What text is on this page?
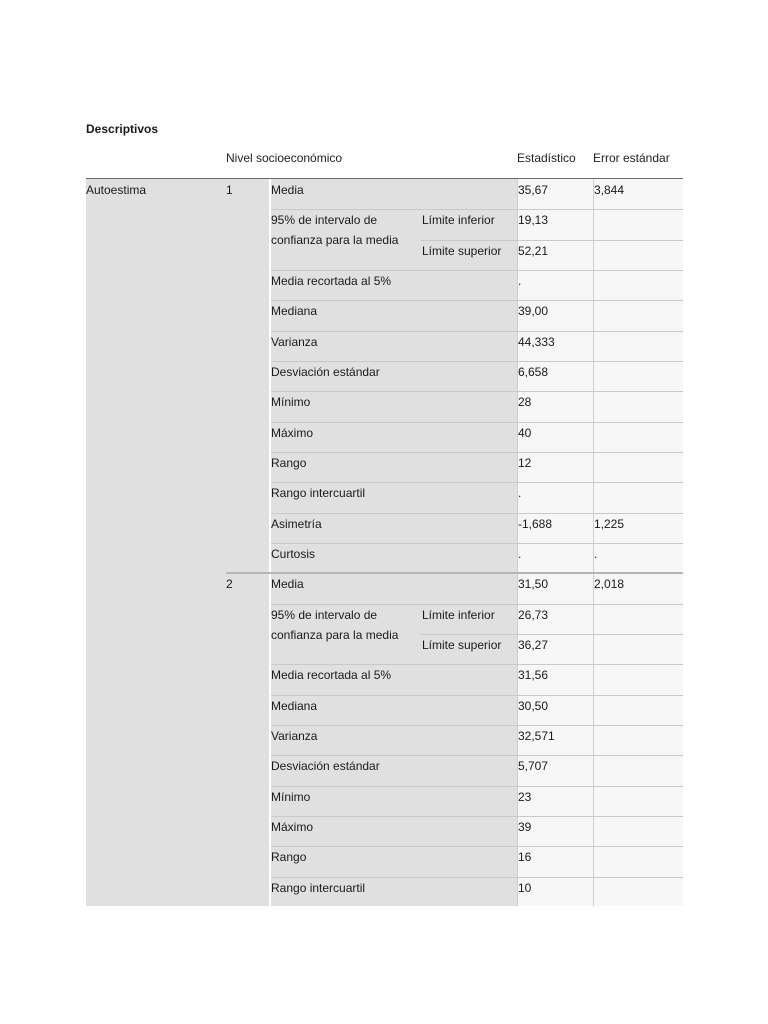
Descriptivos
Nivel socioeconómico	Estadístico Error estándar
Autoestima	1	Media	35,67	3,844
95% de intervalo de confianza para la media
Límite inferior 19,13
Límite superior 52,21
Media recortada al 5%	.
Mediana	39,00
Varianza	44,333
Desviación estándar	6,658
Mínimo	28
Máximo	40
Rango	12
Rango intercuartil	.
Asimetría	-1,688	1,225
Curtosis	.	.
2	Media	31,50	2,018
95% de intervalo de confianza para la media
Límite inferior 26,73
Límite superior 36,27
Media recortada al 5%	31,56
Mediana	30,50
Varianza	32,571
Desviación estándar	5,707
Mínimo	23
Máximo	39
Rango	16
Rango intercuartil	10
